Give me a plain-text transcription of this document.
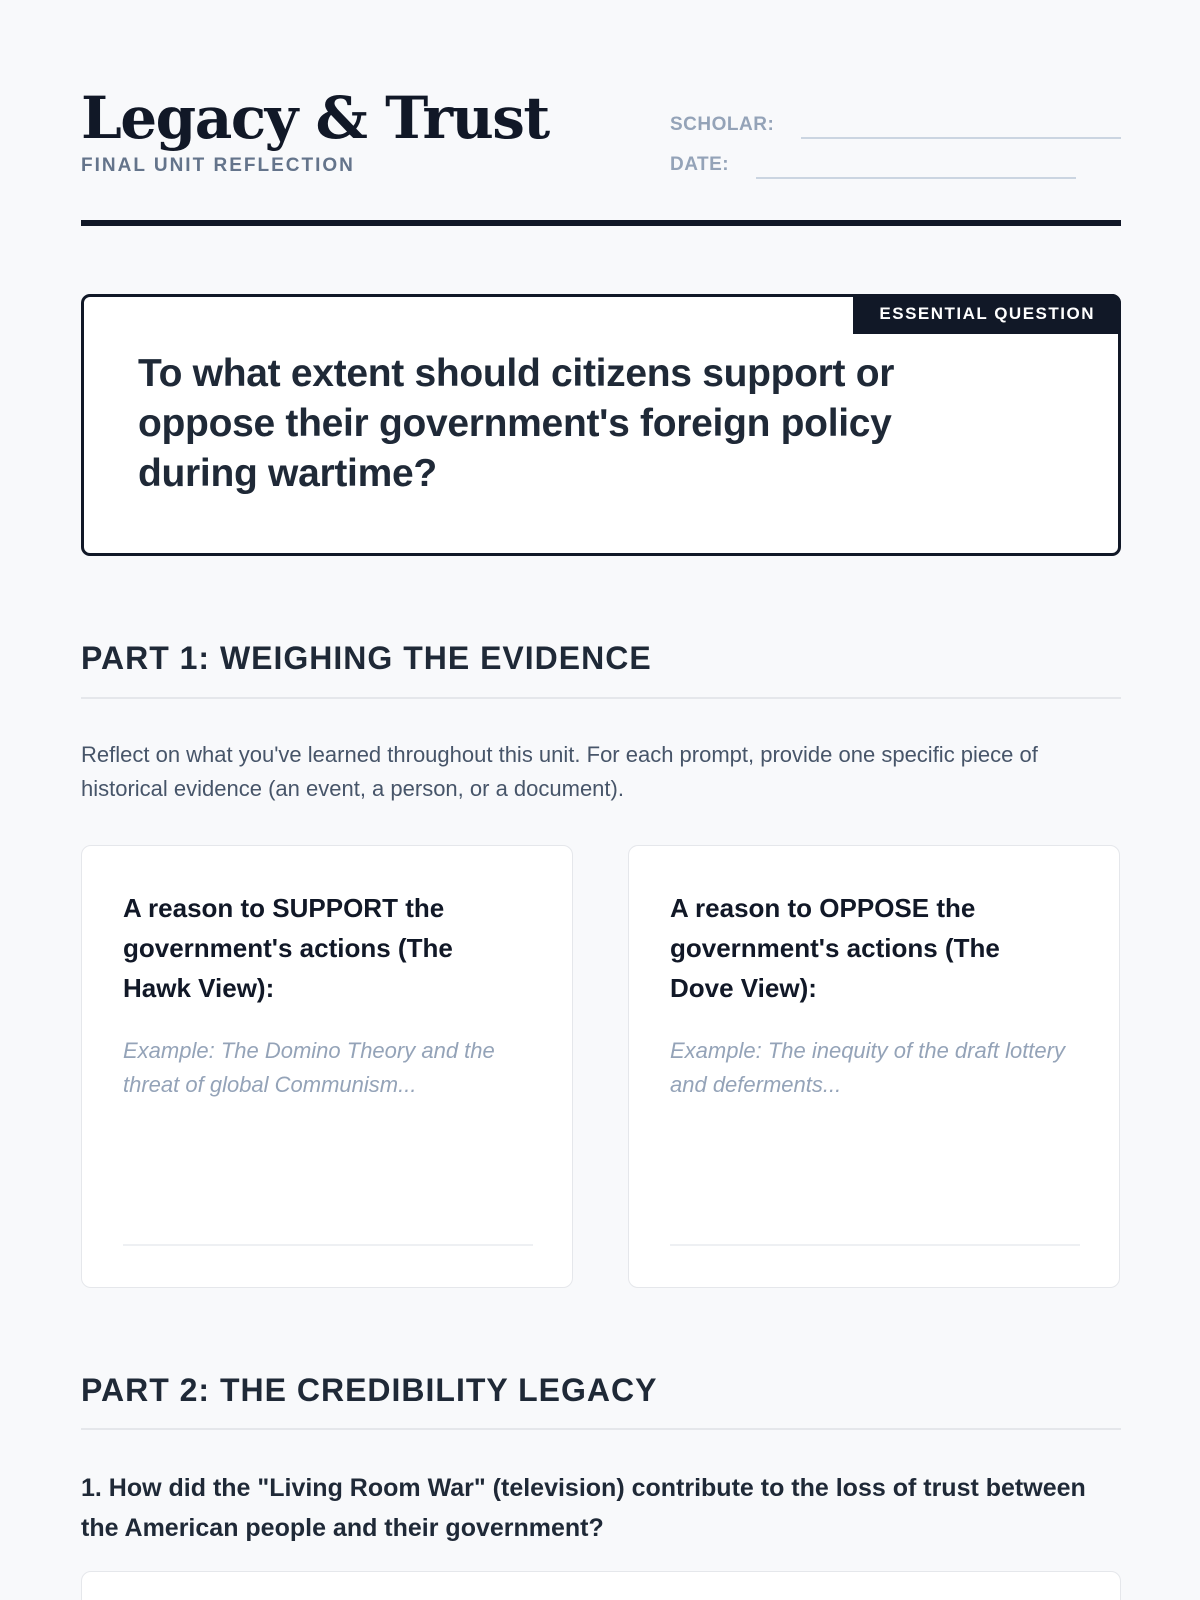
Legacy & Trust
FINAL UNIT REFLECTION
SCHOLAR:
DATE:
ESSENTIAL QUESTION
To what extent should citizens support or oppose their government's foreign policy during wartime?
PART 1: WEIGHING THE EVIDENCE
Reflect on what you've learned throughout this unit. For each prompt, provide one specific piece of historical evidence (an event, a person, or a document).
A reason to SUPPORT the government's actions (The Hawk View):
Example: The Domino Theory and the threat of global Communism...
A reason to OPPOSE the government's actions (The Dove View):
Example: The inequity of the draft lottery and deferments...
PART 2: THE CREDIBILITY LEGACY
1. How did the "Living Room War" (television) contribute to the loss of trust between the American people and their government?
